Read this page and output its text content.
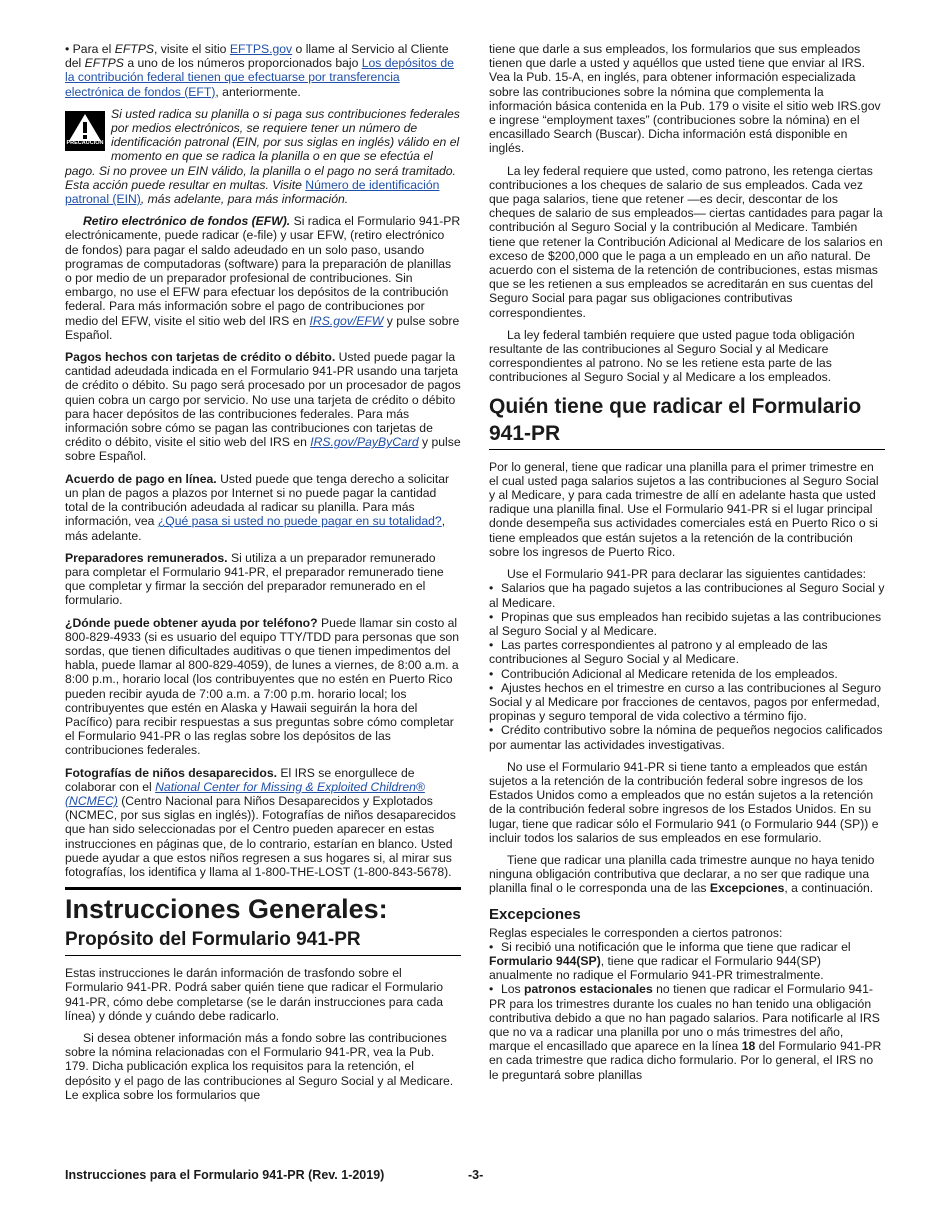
• Para el EFTPS, visite el sitio EFTPS.gov o llame al Servicio al Cliente del EFTPS a uno de los números proporcionados bajo Los depósitos de la contribución federal tienen que efectuarse por transferencia electrónica de fondos (EFT), anteriormente.

PRECAUCIÓN
Si usted radica su planilla o si paga sus contribuciones federales por medios electrónicos, se requiere tener un número de identificación patronal (EIN, por sus siglas en inglés) válido en el momento en que se radica la planilla o en que se efectúa el pago. Si no provee un EIN válido, la planilla o el pago no será tramitado. Esta acción puede resultar en multas. Visite Número de identificación patronal (EIN), más adelante, para más información.

Retiro electrónico de fondos (EFW). Si radica el Formulario 941-PR electrónicamente, puede radicar (e-file) y usar EFW, (retiro electrónico de fondos) para pagar el saldo adeudado en un solo paso, usando programas de computadoras (software) para la preparación de planillas o por medio de un preparador profesional de contribuciones. Sin embargo, no use el EFW para efectuar los depósitos de la contribución federal. Para más información sobre el pago de contribuciones por medio del EFW, visite el sitio web del IRS en IRS.gov/EFW y pulse sobre Español.

Pagos hechos con tarjetas de crédito o débito. Usted puede pagar la cantidad adeudada indicada en el Formulario 941-PR usando una tarjeta de crédito o débito. Su pago será procesado por un procesador de pagos quien cobra un cargo por servicio. No use una tarjeta de crédito o débito para hacer depósitos de las contribuciones federales. Para más información sobre cómo se pagan las contribuciones con tarjetas de crédito o débito, visite el sitio web del IRS en IRS.gov/PayByCard y pulse sobre Español.

Acuerdo de pago en línea. Usted puede que tenga derecho a solicitar un plan de pagos a plazos por Internet si no puede pagar la cantidad total de la contribución adeudada al radicar su planilla. Para más información, vea ¿Qué pasa si usted no puede pagar en su totalidad?, más adelante.

Preparadores remunerados. Si utiliza a un preparador remunerado para completar el Formulario 941-PR, el preparador remunerado tiene que completar y firmar la sección del preparador remunerado en el formulario.

¿Dónde puede obtener ayuda por teléfono? Puede llamar sin costo al 800-829-4933 (si es usuario del equipo TTY/TDD para personas que son sordas, que tienen dificultades auditivas o que tienen impedimentos del habla, puede llamar al 800-829-4059), de lunes a viernes, de 8:00 a.m. a 8:00 p.m., horario local (los contribuyentes que no estén en Puerto Rico pueden recibir ayuda de 7:00 a.m. a 7:00 p.m. horario local; los contribuyentes que estén en Alaska y Hawaii seguirán la hora del Pacífico) para recibir respuestas a sus preguntas sobre cómo completar el Formulario 941-PR o las reglas sobre los depósitos de las contribuciones federales.

Fotografías de niños desaparecidos. El IRS se enorgullece de colaborar con el National Center for Missing & Exploited Children® (NCMEC) (Centro Nacional para Niños Desaparecidos y Explotados (NCMEC, por sus siglas en inglés)). Fotografías de niños desaparecidos que han sido seleccionadas por el Centro pueden aparecer en estas instrucciones en páginas que, de lo contrario, estarían en blanco. Usted puede ayudar a que estos niños regresen a sus hogares si, al mirar sus fotografías, los identifica y llama al 1-800-THE-LOST (1-800-843-5678).

Instrucciones Generales:
Propósito del Formulario 941-PR

Estas instrucciones le darán información de trasfondo sobre el Formulario 941-PR. Podrá saber quién tiene que radicar el Formulario 941-PR, cómo debe completarse (se le darán instrucciones para cada línea) y dónde y cuándo debe radicarlo.

Si desea obtener información más a fondo sobre las contribuciones sobre la nómina relacionadas con el Formulario 941-PR, vea la Pub. 179. Dicha publicación explica los requisitos para la retención, el depósito y el pago de las contribuciones al Seguro Social y al Medicare. Le explica sobre los formularios que

tiene que darle a sus empleados, los formularios que sus empleados tienen que darle a usted y aquéllos que usted tiene que enviar al IRS. Vea la Pub. 15-A, en inglés, para obtener información especializada sobre las contribuciones sobre la nómina que complementa la información básica contenida en la Pub. 179 o visite el sitio web IRS.gov e ingrese “employment taxes” (contribuciones sobre la nómina) en el encasillado Search (Buscar). Dicha información está disponible en inglés.

La ley federal requiere que usted, como patrono, les retenga ciertas contribuciones a los cheques de salario de sus empleados. Cada vez que paga salarios, tiene que retener —es decir, descontar de los cheques de salario de sus empleados— ciertas cantidades para pagar la contribución al Seguro Social y la contribución al Medicare. También tiene que retener la Contribución Adicional al Medicare de los salarios en exceso de $200,000 que le paga a un empleado en un año natural. De acuerdo con el sistema de la retención de contribuciones, estas mismas que se les retienen a sus empleados se acreditarán en sus cuentas del Seguro Social para pagar sus obligaciones contributivas correspondientes.

La ley federal también requiere que usted pague toda obligación resultante de las contribuciones al Seguro Social y al Medicare correspondientes al patrono. No se les retiene esta parte de las contribuciones al Seguro Social y al Medicare a los empleados.

Quién tiene que radicar el Formulario 941-PR

Por lo general, tiene que radicar una planilla para el primer trimestre en el cual usted paga salarios sujetos a las contribuciones al Seguro Social y al Medicare, y para cada trimestre de allí en adelante hasta que usted radique una planilla final. Use el Formulario 941-PR si el lugar principal donde desempeña sus actividades comerciales está en Puerto Rico o si tiene empleados que están sujetos a la retención de la contribución sobre los ingresos de Puerto Rico.

Use el Formulario 941-PR para declarar las siguientes cantidades:

• Salarios que ha pagado sujetos a las contribuciones al Seguro Social y al Medicare.
• Propinas que sus empleados han recibido sujetas a las contribuciones al Seguro Social y al Medicare.
• Las partes correspondientes al patrono y al empleado de las contribuciones al Seguro Social y al Medicare.
• Contribución Adicional al Medicare retenida de los empleados.
• Ajustes hechos en el trimestre en curso a las contribuciones al Seguro Social y al Medicare por fracciones de centavos, pagos por enfermedad, propinas y seguro temporal de vida colectivo a término fijo.
• Crédito contributivo sobre la nómina de pequeños negocios calificados por aumentar las actividades investigativas.

No use el Formulario 941-PR si tiene tanto a empleados que están sujetos a la retención de la contribución federal sobre ingresos de los Estados Unidos como a empleados que no están sujetos a la retención de la contribución federal sobre ingresos de los Estados Unidos. En su lugar, tiene que radicar sólo el Formulario 941 (o Formulario 944 (SP)) e incluir todos los salarios de sus empleados en ese formulario.

Tiene que radicar una planilla cada trimestre aunque no haya tenido ninguna obligación contributiva que declarar, a no ser que radique una planilla final o le corresponda una de las Excepciones, a continuación.

Excepciones
Reglas especiales le corresponden a ciertos patronos:
• Si recibió una notificación que le informa que tiene que radicar el Formulario 944(SP), tiene que radicar el Formulario 944(SP) anualmente no radique el Formulario 941-PR trimestralmente.
• Los patronos estacionales no tienen que radicar el Formulario 941-PR para los trimestres durante los cuales no han tenido una obligación contributiva debido a que no han pagado salarios. Para notificarle al IRS que no va a radicar una planilla por uno o más trimestres del año, marque el encasillado que aparece en la línea 18 del Formulario 941-PR en cada trimestre que radica dicho formulario. Por lo general, el IRS no le preguntará sobre planillas
Instrucciones para el Formulario 941-PR (Rev. 1-2019)	-3-
